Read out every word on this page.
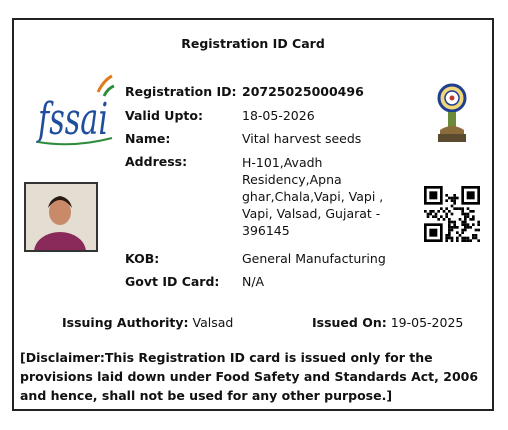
Registration ID Card
fssai
Registration ID: 20725025000496
Valid Upto:	18-05-2026
Name:	Vital harvest seeds
Address:	H-101,Avadh
Residency,Apna
ghar,Chala,Vapi, Vapi ,
Vapi, Valsad, Gujarat -
396145
KOB:	General Manufacturing
Govt ID Card: N/A
Issuing Authority: Valsad	Issued On: 19-05-2025
[Disclaimer:This Registration ID card is issued only for the provisions laid down under Food Safety and Standards Act, 2006 and hence, shall not be used for any other purpose.]
